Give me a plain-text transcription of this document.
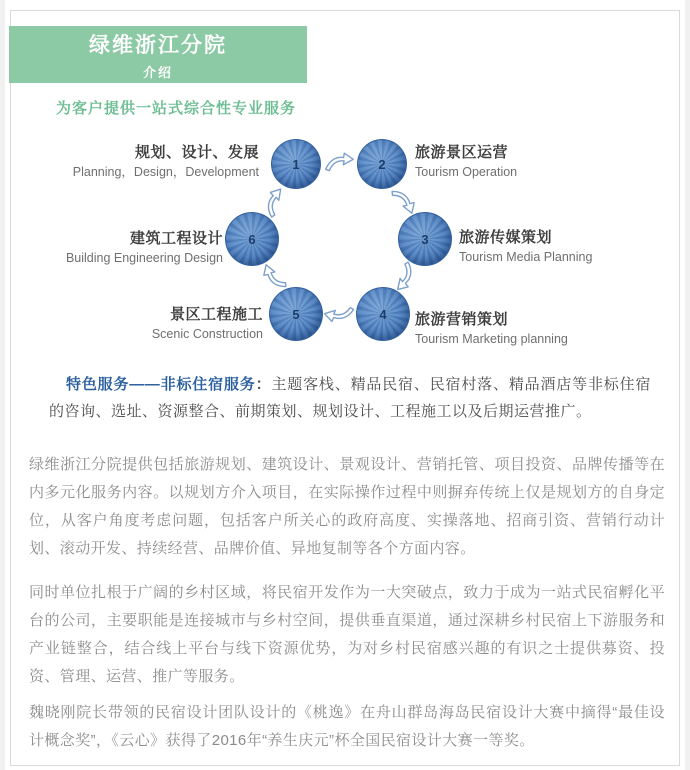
绿维浙江分院
介绍
为客户提供一站式综合性专业服务
1	2
3
4
5
6
规划、设计、发展
Planning，Design，Development
旅游景区运营
Tourism Operation
旅游传媒策划
Tourism Media Planning
旅游营销策划
Tourism Marketing planning
景区工程施工
Scenic Construction
建筑工程设计
Building Engineering Design
特色服务——非标住宿服务：主题客栈、精品民宿、民宿村落、精品酒店等非标住宿的咨询、选址、资源整合、前期策划、规划设计、工程施工以及后期运营推广。

绿维浙江分院提供包括旅游规划、建筑设计、景观设计、营销托管、项目投资、品牌传播等在内多元化服务内容。以规划方介入项目，在实际操作过程中则摒弃传统上仅是规划方的自身定位，从客户角度考虑问题，包括客户所关心的政府高度、实操落地、招商引资、营销行动计划、滚动开发、持续经营、品牌价值、异地复制等各个方面内容。

同时单位扎根于广阔的乡村区域，将民宿开发作为一大突破点，致力于成为一站式民宿孵化平台的公司，主要职能是连接城市与乡村空间，提供垂直渠道，通过深耕乡村民宿上下游服务和产业链整合，结合线上平台与线下资源优势，为对乡村民宿感兴趣的有识之士提供募资、投资、管理、运营、推广等服务。

魏晓刚院长带领的民宿设计团队设计的《桃逸》在舟山群岛海岛民宿设计大赛中摘得“最佳设计概念奖”，《云心》获得了2016年“养生庆元”杯全国民宿设计大赛一等奖。
